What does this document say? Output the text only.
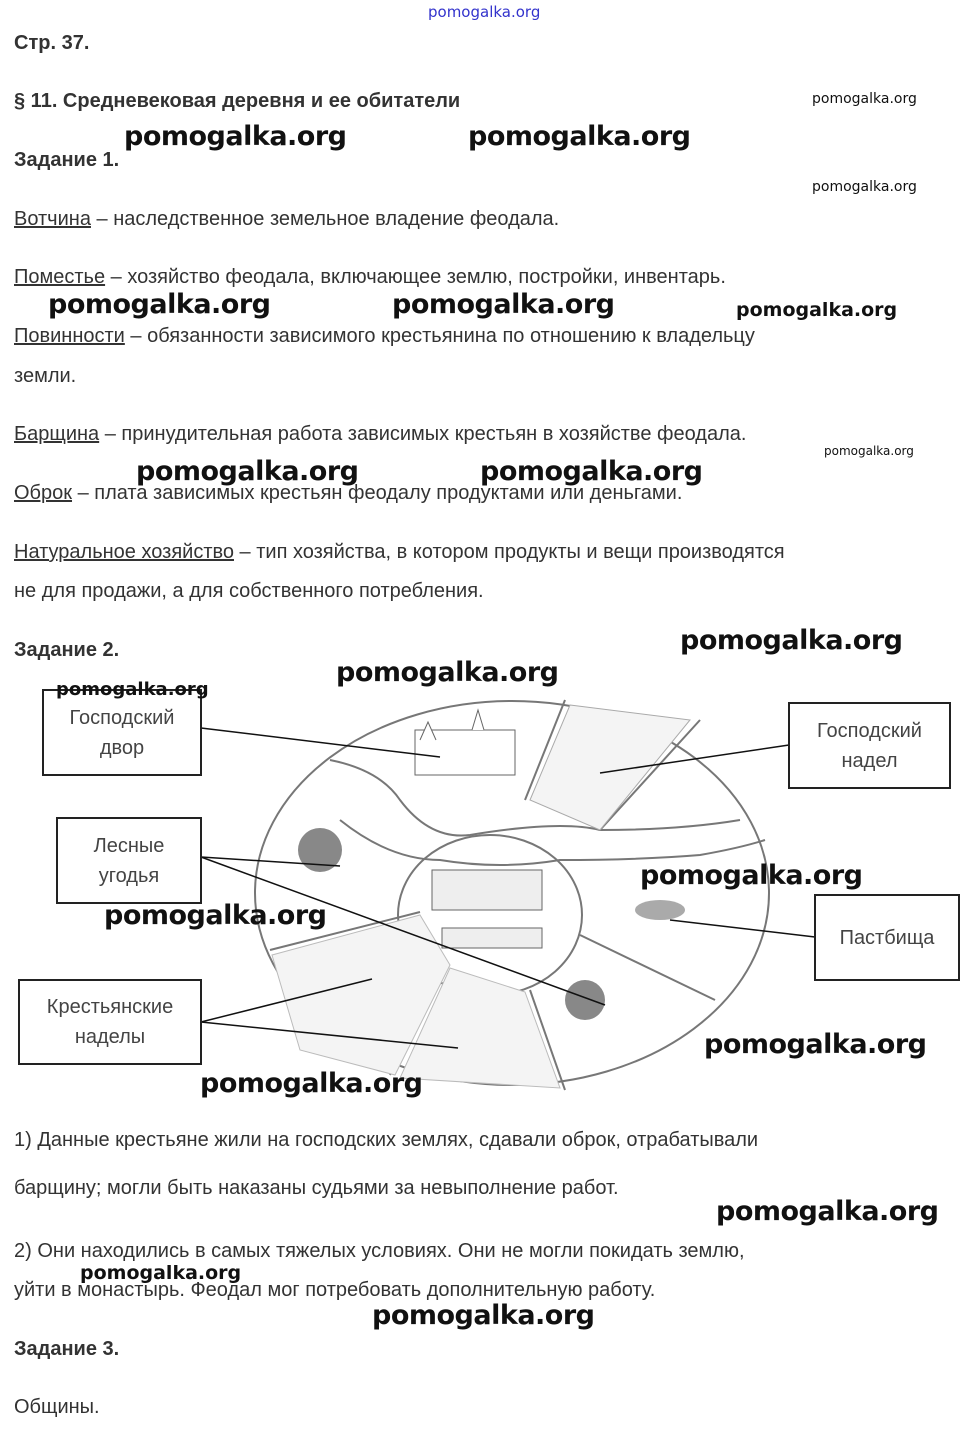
Стр. 37.
§ 11. Средневековая деревня и ее обитатели
Задание 1.
Вотчина – наследственное земельное владение феодала.
Поместье – хозяйство феодала, включающее землю, постройки, инвентарь.
Повинности – обязанности зависимого крестьянина по отношению к владельцу
земли.
Барщина – принудительная работа зависимых крестьян в хозяйстве феодала.
Оброк – плата зависимых крестьян феодалу продуктами или деньгами.
Натуральное хозяйство – тип хозяйства, в котором продукты и вещи производятся
не для продажи, а для собственного потребления.
Задание 2.
Господский
двор
Господский
надел
Лесные
угодья
Пастбища
Крестьянские
наделы
1) Данные крестьяне жили на господских землях, сдавали оброк, отрабатывали
барщину; могли быть наказаны судьями за невыполнение работ.
2) Они находились в самых тяжелых условиях. Они не могли покидать землю,
уйти в монастырь. Феодал мог потребовать дополнительную работу.
Задание 3.
Общины.
pomogalka.org
pomogalka.org
pomogalka.org	pomogalka.org
pomogalka.org
pomogalka.org	pomogalka.org	pomogalka.org
pomogalka.org
pomogalka.org	pomogalka.org
pomogalka.org
pomogalka.org
pomogalka.org
pomogalka.org
pomogalka.org
pomogalka.org
pomogalka.org
pomogalka.org
pomogalka.org
pomogalka.org
